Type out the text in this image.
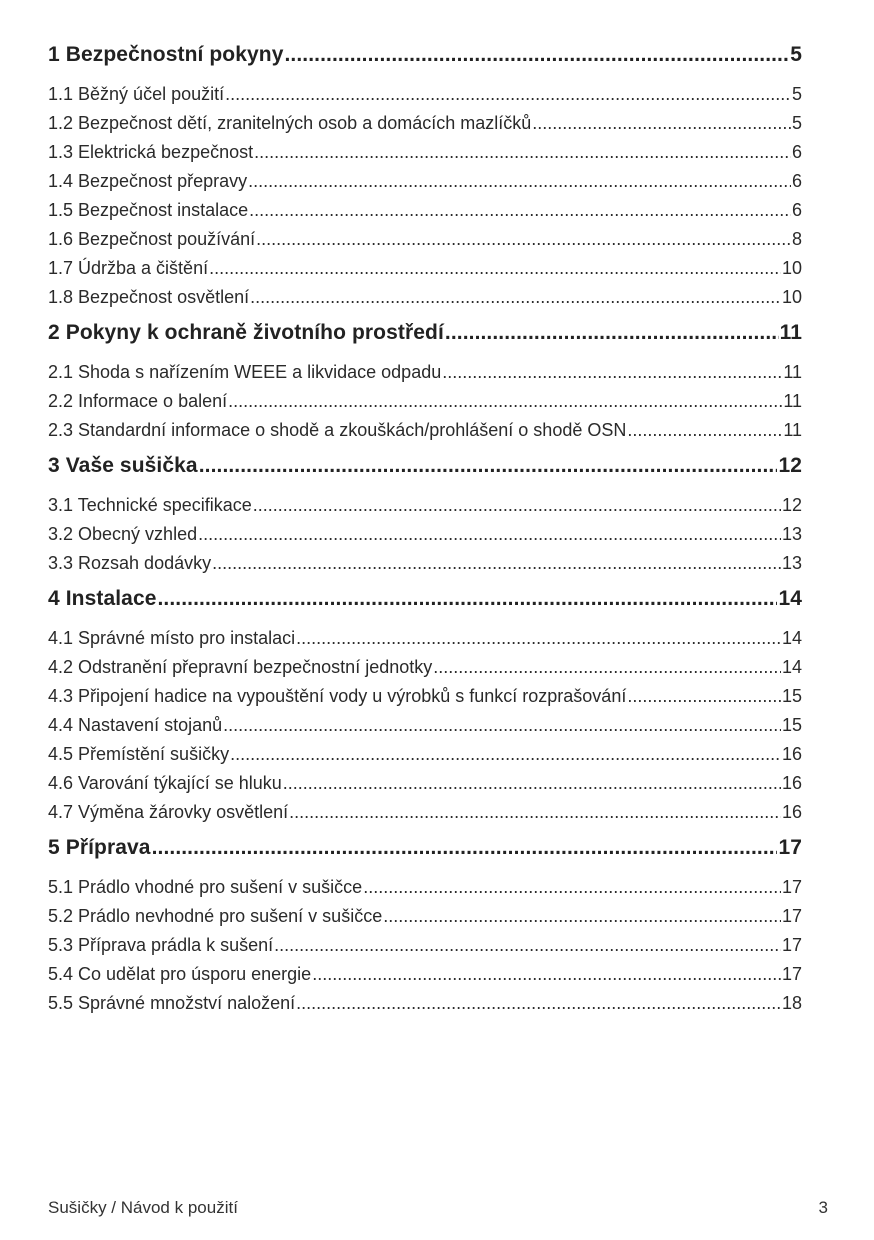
1 Bezpečnostní pokyny .....	5
1.1 Běžný účel použití .....	5
1.2 Bezpečnost dětí, zranitelných osob a domácích mazlíčků .....	5
1.3 Elektrická bezpečnost .....	6
1.4 Bezpečnost přepravy .....	6
1.5 Bezpečnost instalace .....	6
1.6 Bezpečnost používání .....	8
1.7 Údržba a čištění .....	10
1.8 Bezpečnost osvětlení .....	10
2 Pokyny k ochraně životního prostředí .....	11
2.1 Shoda s nařízením WEEE a likvidace odpadu .....	11
2.2 Informace o balení .....	11
2.3 Standardní informace o shodě a zkouškách/prohlášení o shodě OSN .....	11
3 Vaše sušička .....	12
3.1 Technické specifikace .....	12
3.2 Obecný vzhled .....	13
3.3 Rozsah dodávky .....	13
4 Instalace .....	14
4.1 Správné místo pro instalaci .....	14
4.2 Odstranění přepravní bezpečnostní jednotky .....	14
4.3 Připojení hadice na vypouštění vody u výrobků s funkcí rozprašování .....	15
4.4 Nastavení stojanů .....	15
4.5 Přemístění sušičky .....	16
4.6 Varování týkající se hluku .....	16
4.7 Výměna žárovky osvětlení .....	16
5 Příprava .....	17
5.1 Prádlo vhodné pro sušení v sušičce .....	17
5.2 Prádlo nevhodné pro sušení v sušičce .....	17
5.3 Příprava prádla k sušení .....	17
5.4 Co udělat pro úsporu energie .....	17
5.5 Správné množství naložení .....	18
Sušičky / Návod k použití	3
